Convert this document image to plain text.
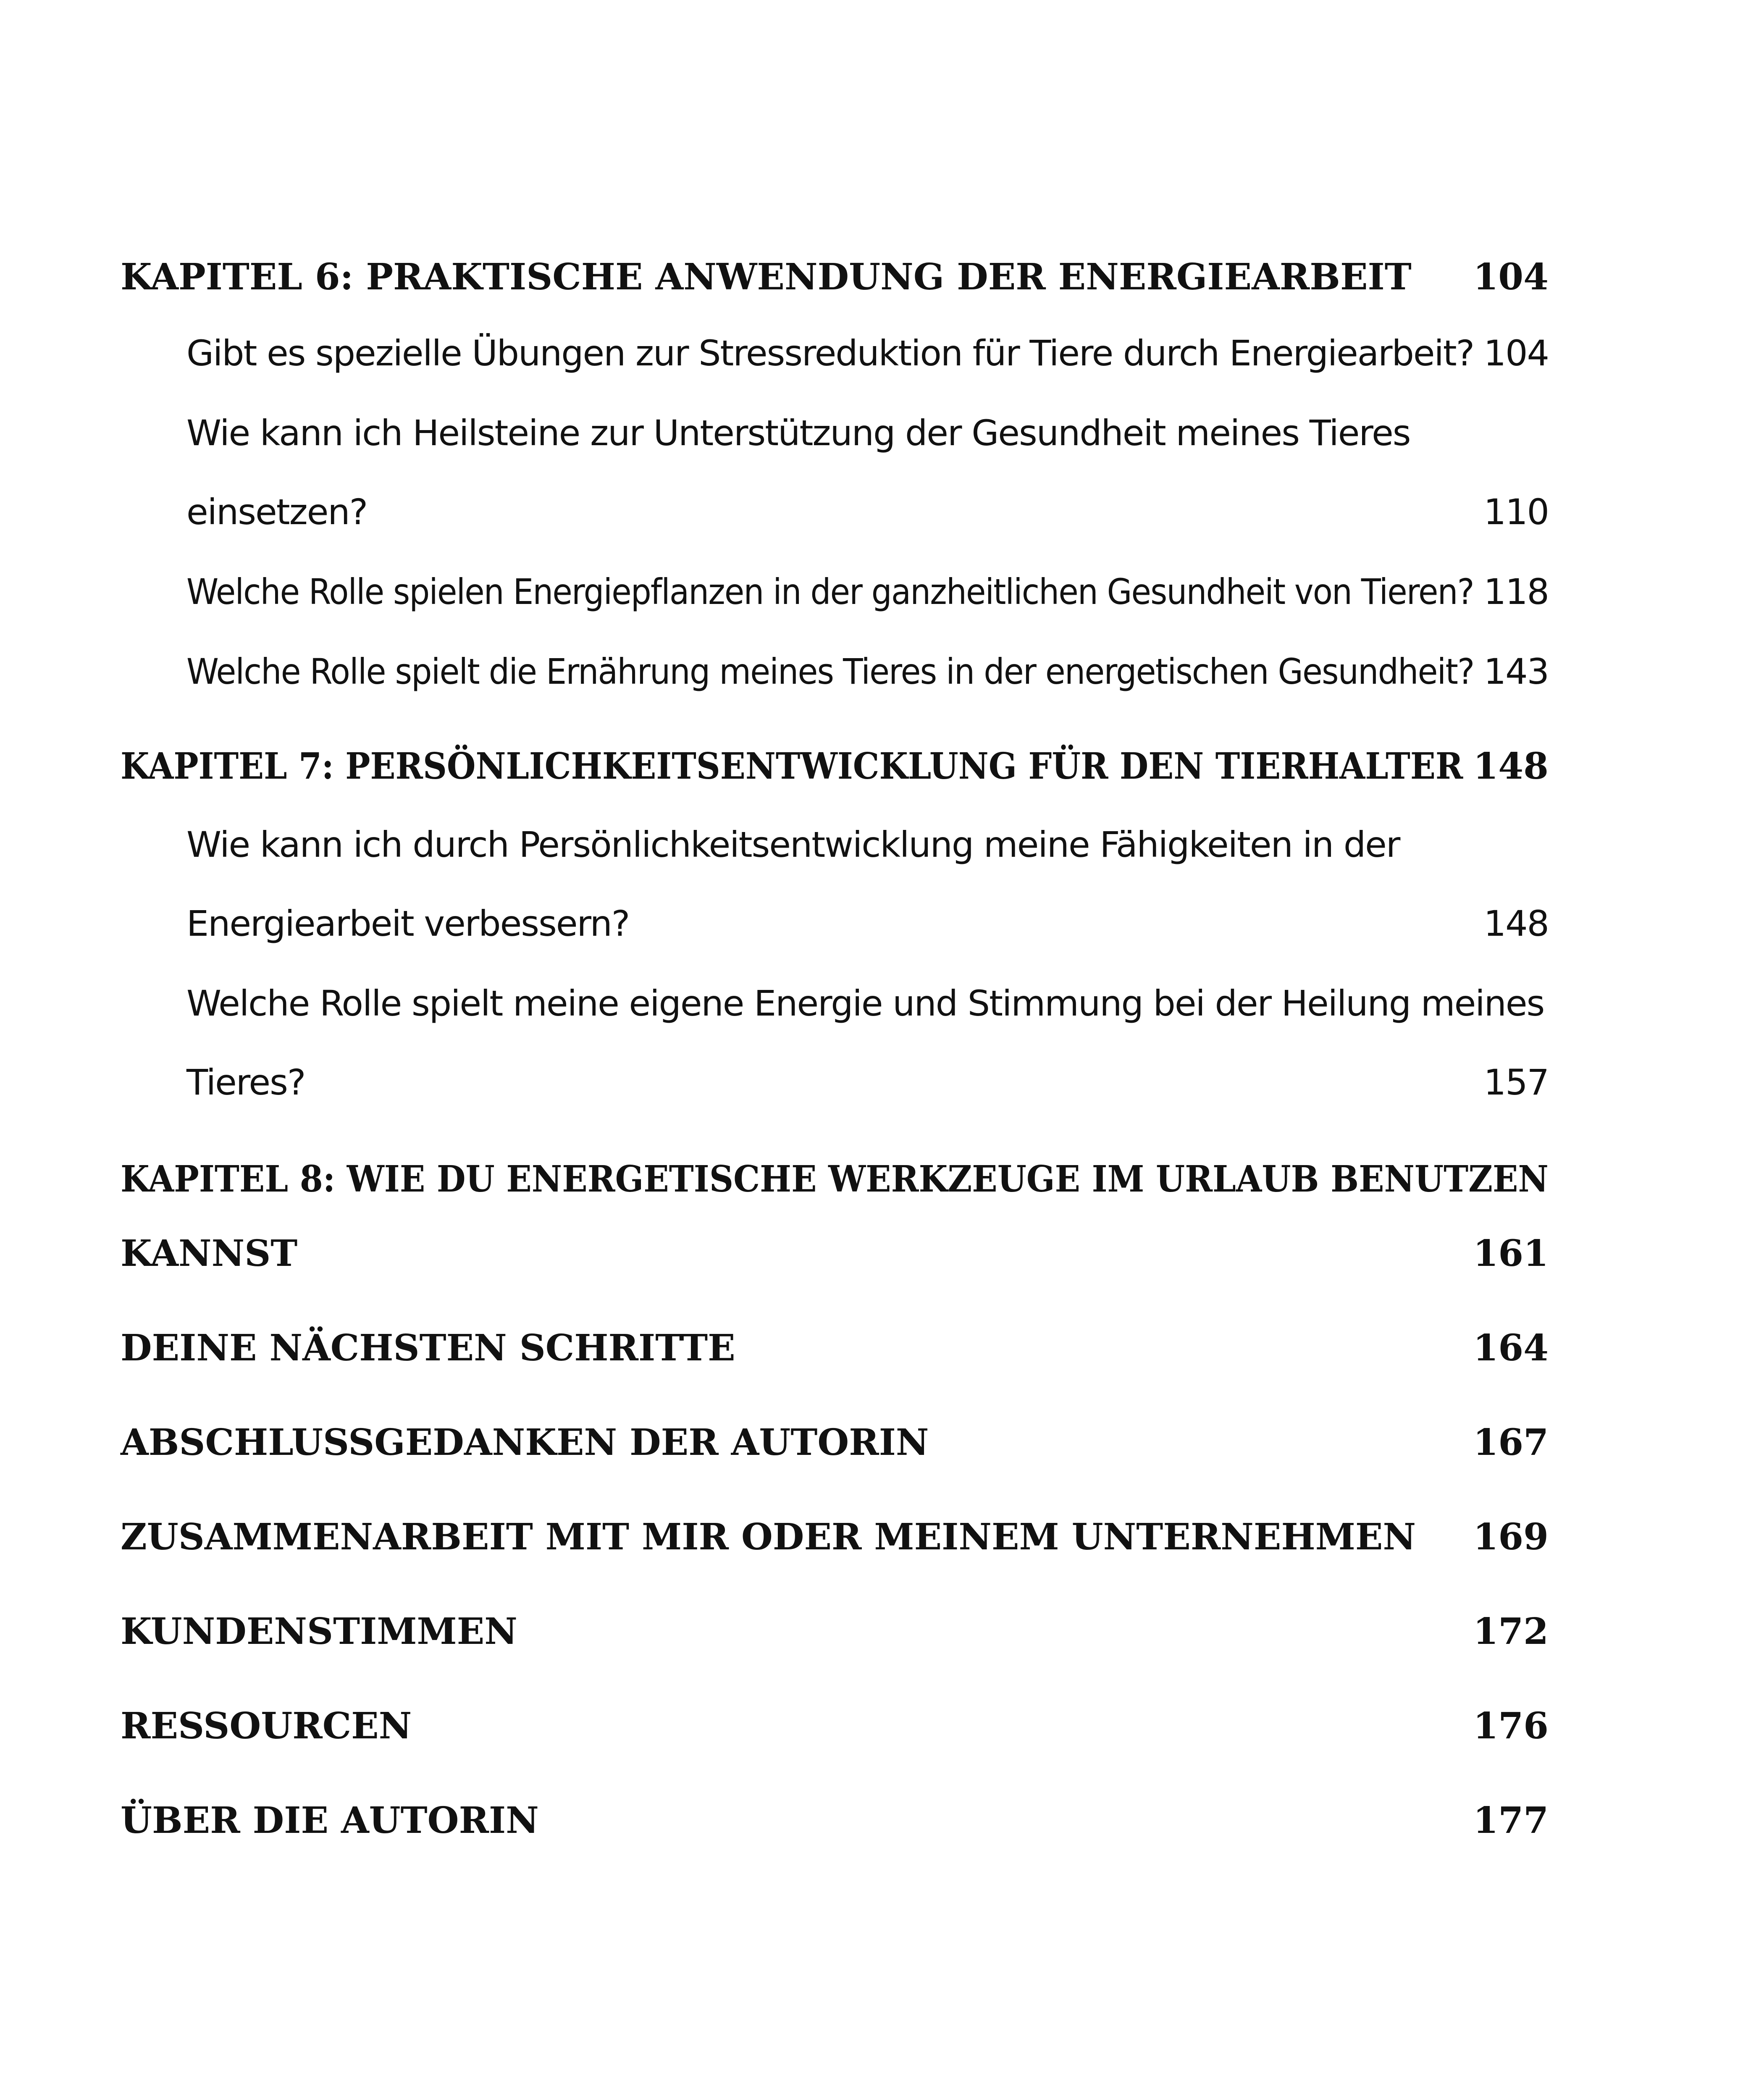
KAPITEL 6: PRAKTISCHE ANWENDUNG DER ENERGIEARBEIT 104
Gibt es spezielle Übungen zur Stressreduktion für Tiere durch Energiearbeit? 104
Wie kann ich Heilsteine zur Unterstützung der Gesundheit meines Tieres
einsetzen?	110
Welche Rolle spielen Energiepflanzen in der ganzheitlichen Gesundheit von Tieren? 118
Welche Rolle spielt die Ernährung meines Tieres in der energetischen Gesundheit? 143
KAPITEL 7: PERSÖNLICHKEITSENTWICKLUNG FÜR DEN TIERHALTER 148
Wie kann ich durch Persönlichkeitsentwicklung meine Fähigkeiten in der
Energiearbeit verbessern?	148
Welche Rolle spielt meine eigene Energie und Stimmung bei der Heilung meines
Tieres?	157
KAPITEL 8: WIE DU ENERGETISCHE WERKZEUGE IM URLAUB BENUTZEN
KANNST	161
DEINE NÄCHSTEN SCHRITTE	164
ABSCHLUSSGEDANKEN DER AUTORIN	167
ZUSAMMENARBEIT MIT MIR ODER MEINEM UNTERNEHMEN 169
KUNDENSTIMMEN	172
RESSOURCEN	176
ÜBER DIE AUTORIN	177
